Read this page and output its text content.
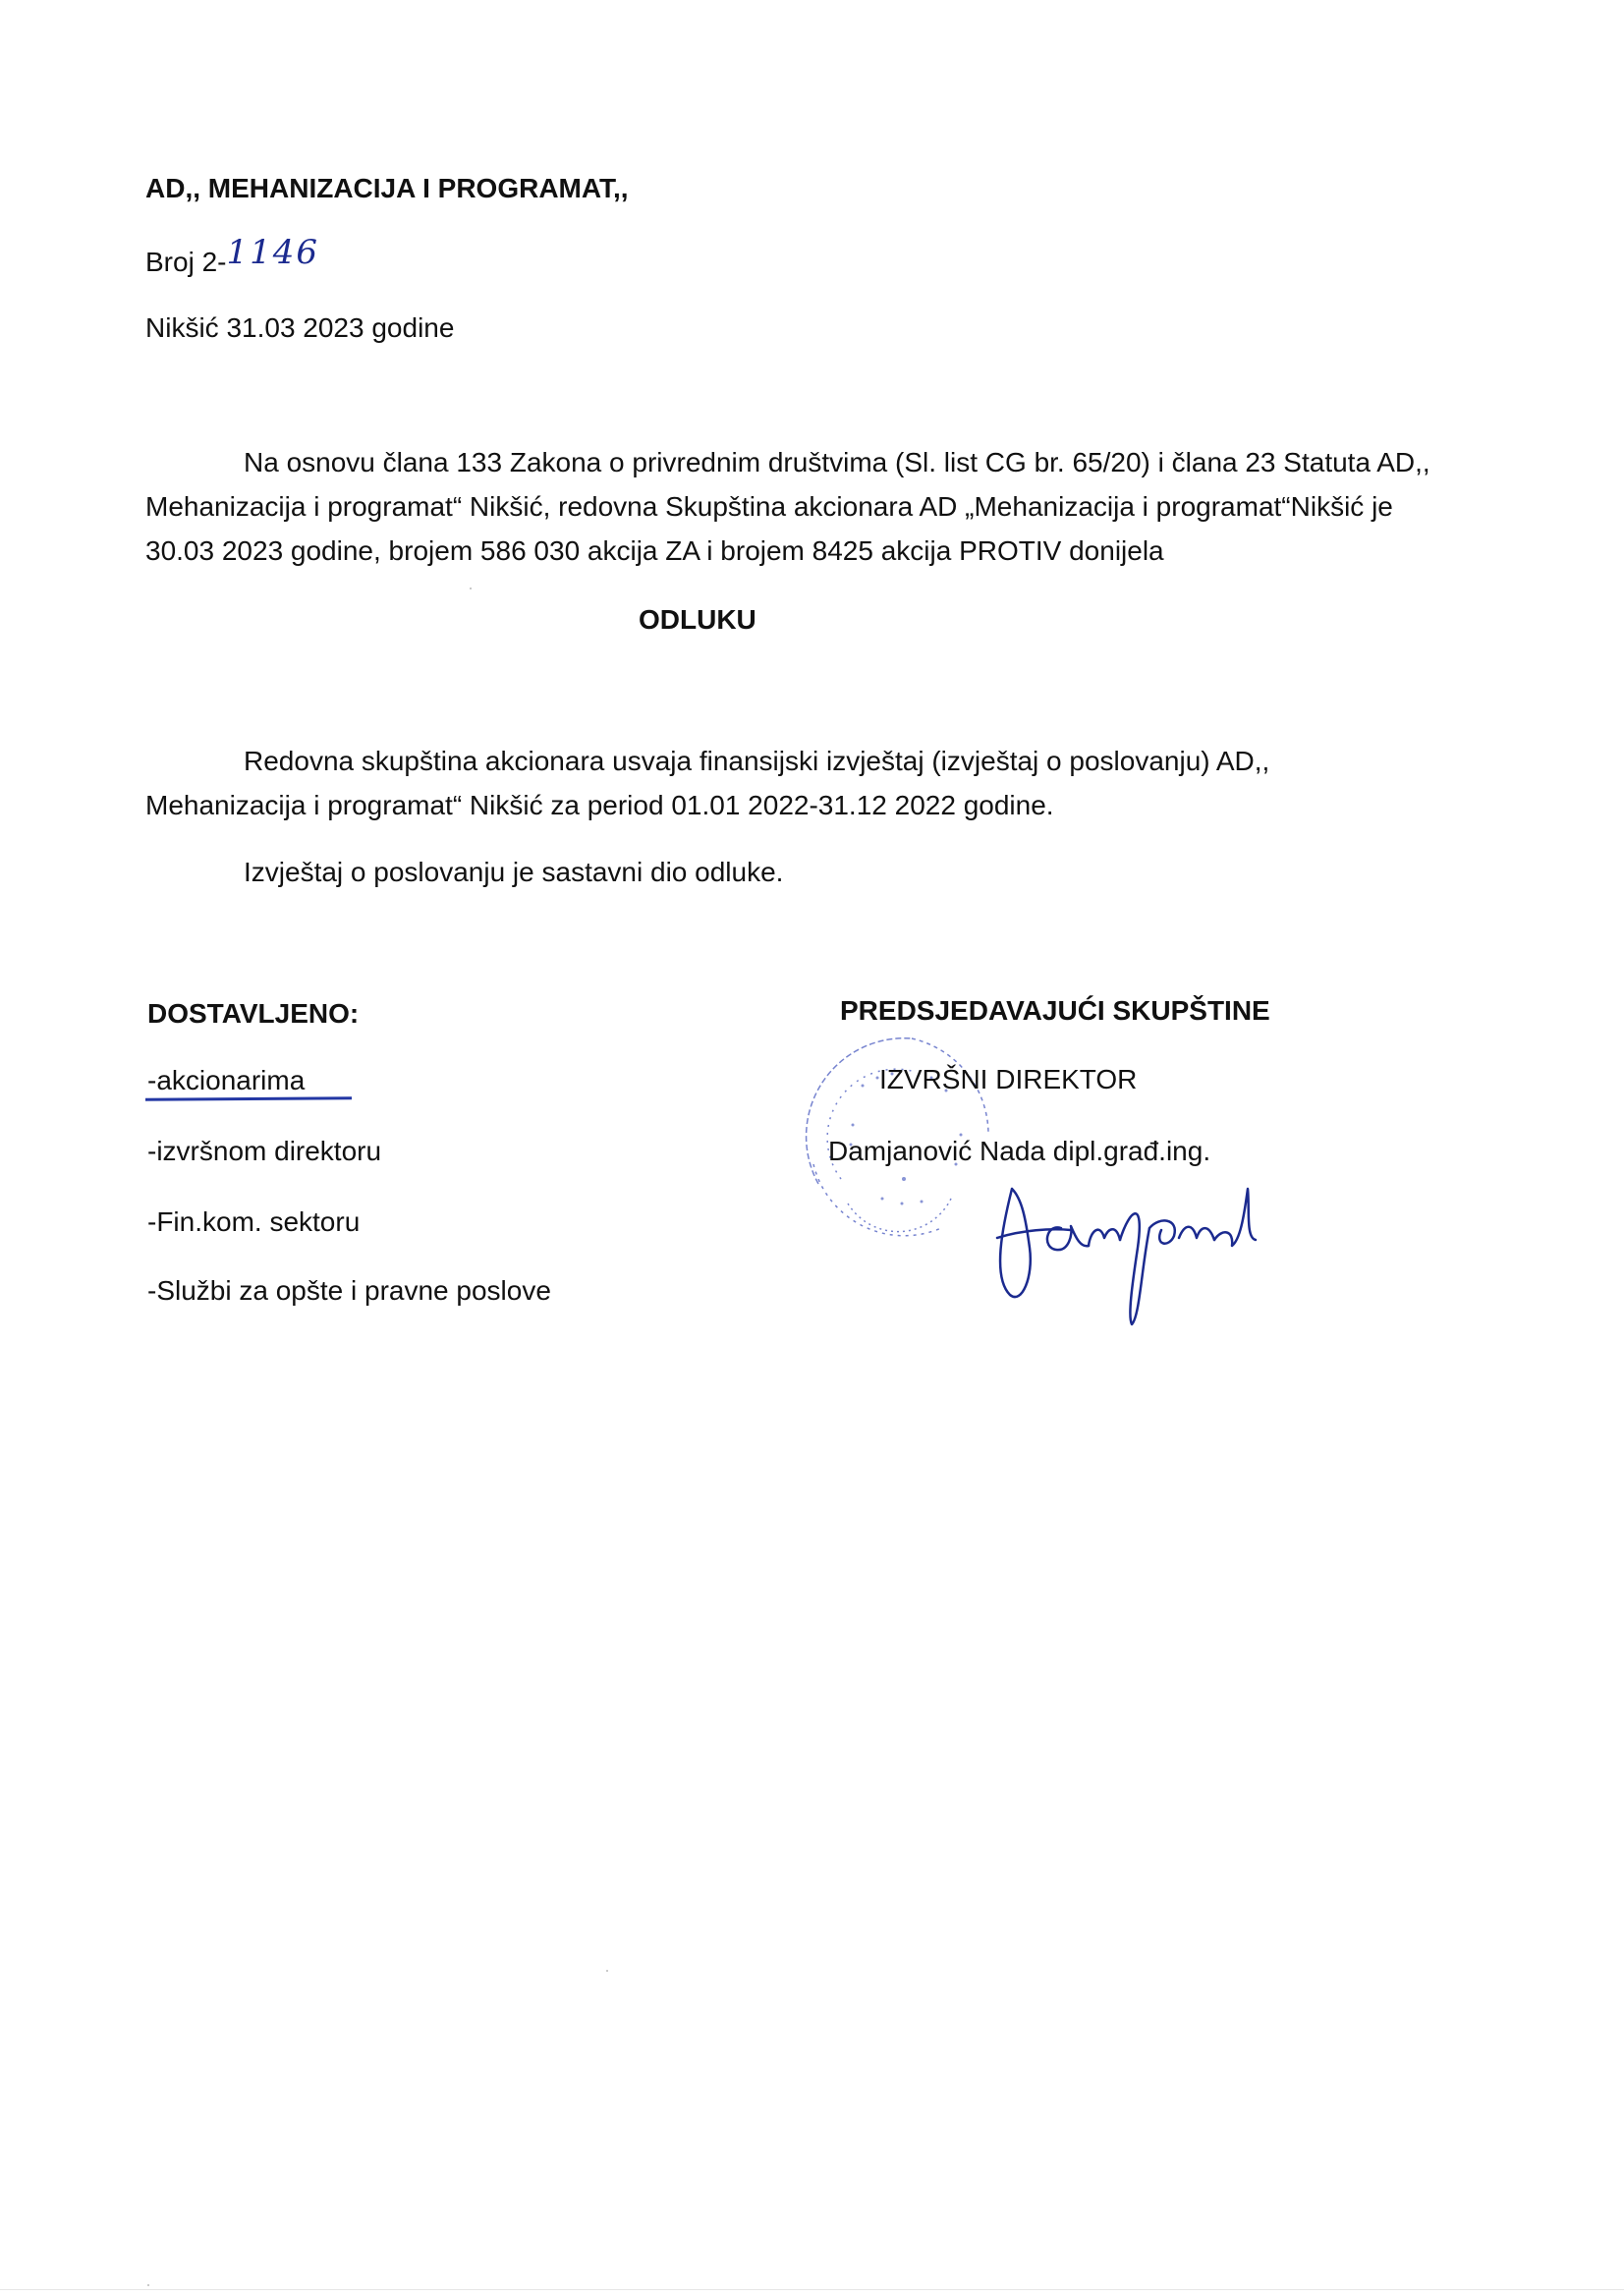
AD,, MEHANIZACIJA I PROGRAMAT,,
Broj 2-1146
Nikšić 31.03 2023 godine
Na osnovu člana 133 Zakona o privrednim društvima (Sl. list CG br. 65/20) i člana 23 Statuta AD,,
Mehanizacija i programat“ Nikšić, redovna Skupština akcionara AD „Mehanizacija i programat“Nikšić je
30.03 2023 godine, brojem 586 030 akcija ZA i brojem 8425 akcija PROTIV donijela
ODLUKU
Redovna skupština akcionara usvaja finansijski izvještaj (izvještaj o poslovanju) AD,,
Mehanizacija i programat“ Nikšić za period 01.01 2022-31.12 2022 godine.
Izvještaj o poslovanju je sastavni dio odluke.
DOSTAVLJENO:
-akcionarima
-izvršnom direktoru
-Fin.kom. sektoru
-Službi za opšte i pravne poslove
PREDSJEDAVAJUĆI SKUPŠTINE
IZVRŠNI DIREKTOR
Damjanović Nada dipl.građ.ing.
